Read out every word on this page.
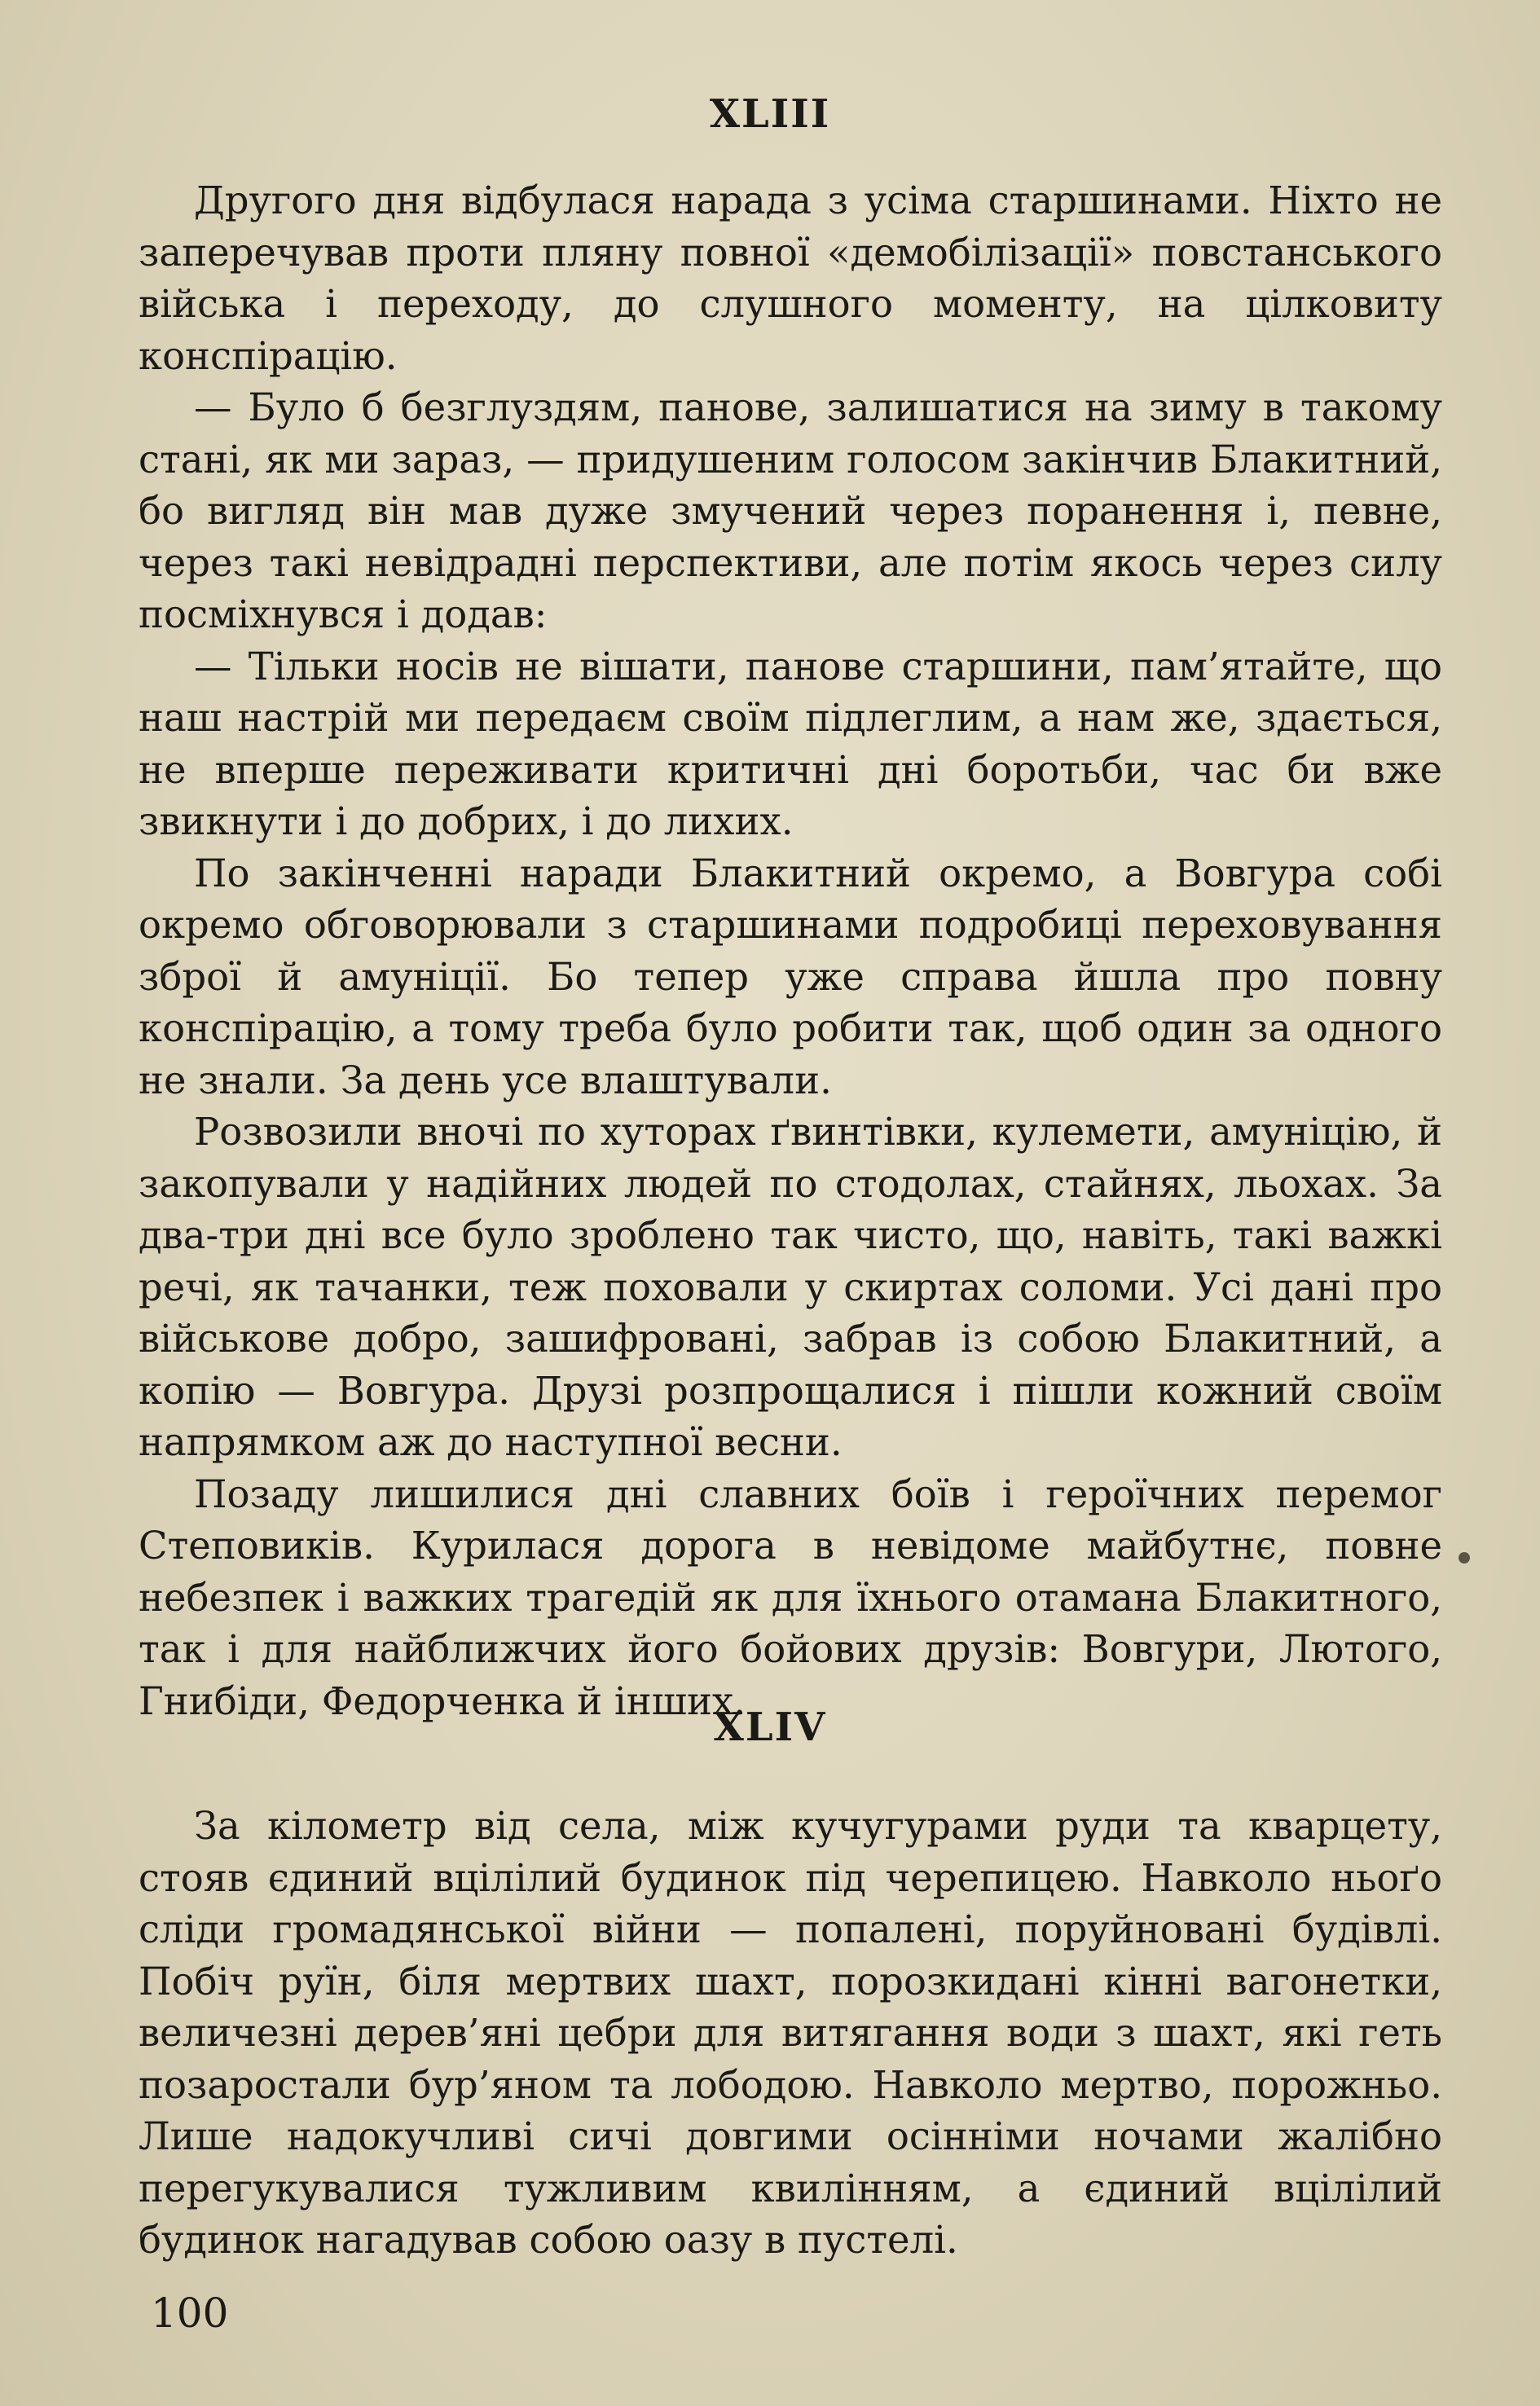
XLIII

Другого дня відбулася нарада з усіма старшинами. Ніхто не заперечував проти пляну повної «демобілізації» повстанського війська і переходу, до слушного моменту, на цілковиту конспірацію.

— Було б безглуздям, панове, залишатися на зиму в такому стані, як ми зараз, — придушеним голосом закінчив Блакитний, бо вигляд він мав дуже змучений через поранення і, певне, через такі невідрадні перспективи, але потім якось через силу посміхнувся і додав:

— Тільки носів не вішати, панове старшини, пам’ятайте, що наш настрій ми передаєм своїм підлеглим, а нам же, здається, не вперше переживати критичні дні боротьби, час би вже звикнути і до добрих, і до лихих.

По закінченні наради Блакитний окремо, а Вовгура собі окремо обговорювали з старшинами подробиці переховування зброї й амуніції. Бо тепер уже справа йшла про повну конспірацію, а тому треба було робити так, щоб один за одного не знали. За день усе влаштували.

Розвозили вночі по хуторах ґвинтівки, кулемети, амуніцію, й закопували у надійних людей по стодолах, стайнях, льохах. За два-три дні все було зроблено так чисто, що, навіть, такі важкі речі, як тачанки, теж поховали у скиртах соломи. Усі дані про військове добро, зашифровані, забрав із собою Блакитний, а копію — Вовгура. Друзі розпрощалися і пішли кожний своїм напрямком аж до наступної весни.

Позаду лишилися дні славних боїв і героїчних перемог Степовиків. Курилася дорога в невідоме майбутнє, повне небезпек і важких трагедій як для їхнього отамана Блакитного, так і для найближчих його бойових друзів: Вовгури, Лютого, Гнибіди, Федорченка й інших.

XLIV

За кілометр від села, між кучугурами руди та кварцету, стояв єдиний вцілілий будинок під черепицею. Навколо ньоґо сліди громадянської війни — попалені, поруйновані будівлі. Побіч руїн, біля мертвих шахт, порозкидані кінні вагонетки, величезні дерев’яні цебри для витягання води з шахт, які геть позаростали бур’яном та лободою. Навколо мертво, порожньо. Лише надокучливі сичі довгими осінніми ночами жалібно перегукувалися тужливим квилінням, а єдиний вцілілий будинок нагадував собою оазу в пустелі.

100
